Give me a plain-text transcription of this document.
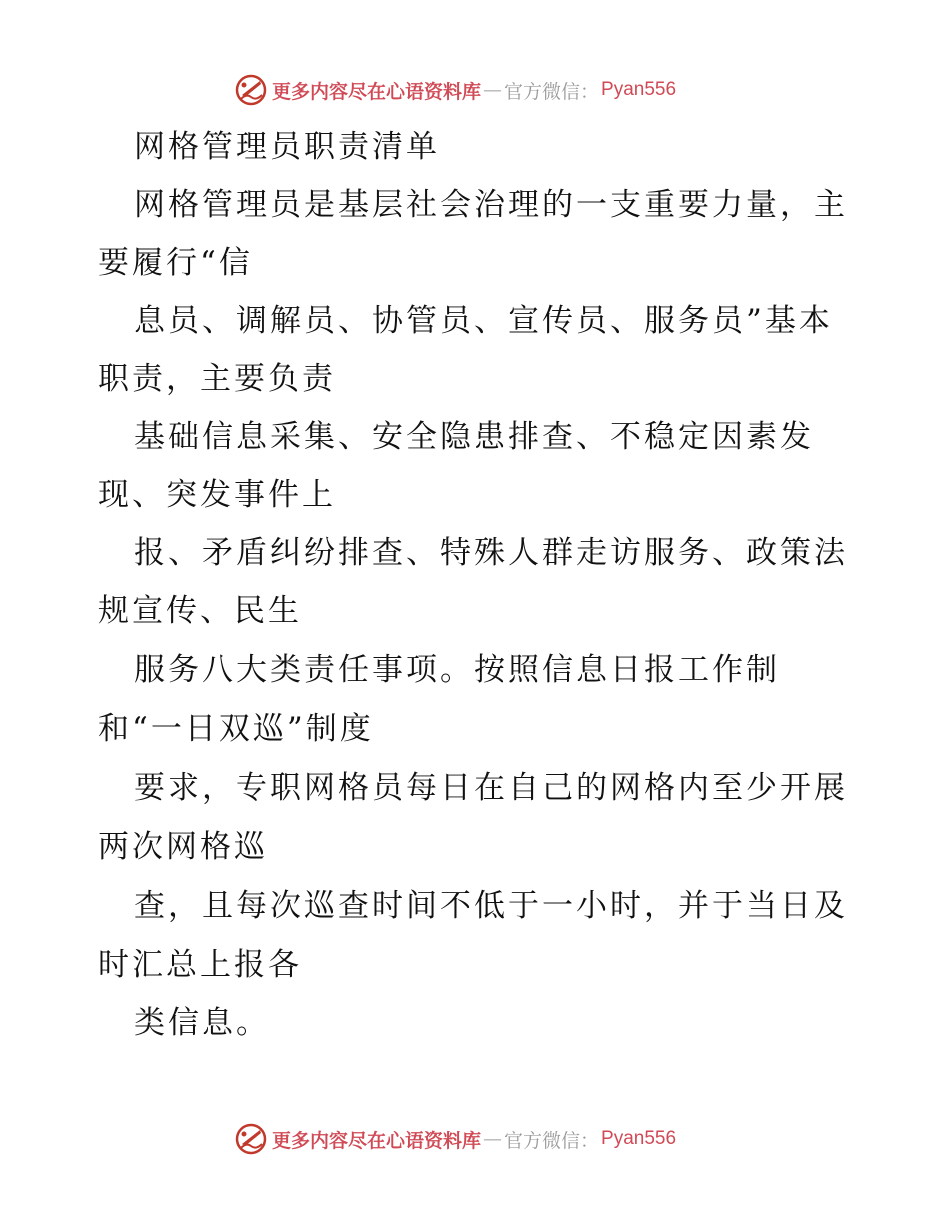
更多内容尽在心语资料库 — 官方微信： Pyan556
网格管理员职责清单
网格管理员是基层社会治理的一支重要力量，主
要履行“信
息员、调解员、协管员、宣传员、服务员”基本
职责，主要负责
基础信息采集、安全隐患排查、不稳定因素发
现、突发事件上
报、矛盾纠纷排查、特殊人群走访服务、政策法
规宣传、民生
服务八大类责任事项。按照信息日报工作制
和“一日双巡”制度
要求，专职网格员每日在自己的网格内至少开展
两次网格巡
查，且每次巡查时间不低于一小时，并于当日及
时汇总上报各
类信息。
更多内容尽在心语资料库 — 官方微信： Pyan556
